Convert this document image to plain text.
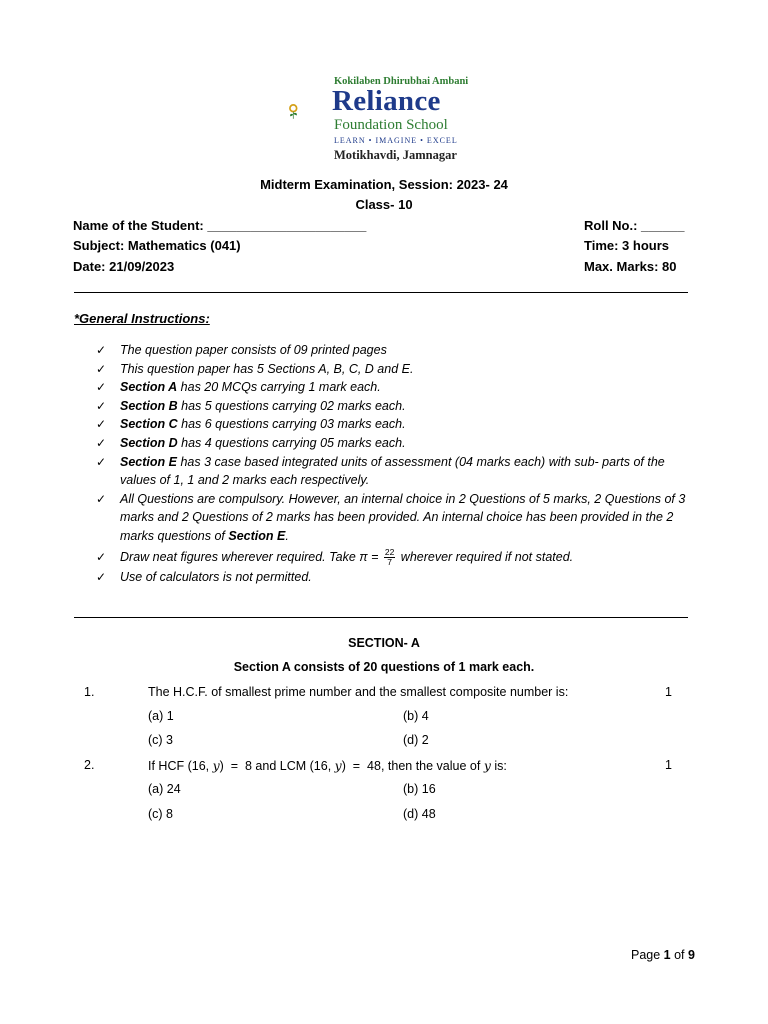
Kokilaben Dhirubhai Ambani
Reliance
Foundation School
LEARN • IMAGINE • EXCEL
Motikhavdi, Jamnagar
Midterm Examination, Session: 2023- 24
Class- 10
Name of the Student: ______________________	Roll No.: ______
Subject: Mathematics (041)	Time: 3 hours
Date: 21/09/2023	Max. Marks: 80
*General Instructions:
✓ The question paper consists of 09 printed pages
✓ This question paper has 5 Sections A, B, C, D and E.
✓ Section A has 20 MCQs carrying 1 mark each.
✓ Section B has 5 questions carrying 02 marks each.
✓ Section C has 6 questions carrying 03 marks each.
✓ Section D has 4 questions carrying 05 marks each.
✓ Section E has 3 case based integrated units of assessment (04 marks each) with sub- parts of the values of 1, 1 and 2 marks each respectively.
✓ All Questions are compulsory. However, an internal choice in 2 Questions of 5 marks, 2 Questions of 3 marks and 2 Questions of 2 marks has been provided. An internal choice has been provided in the 2 marks questions of Section E.
✓ Draw neat figures wherever required. Take $\pi = \frac{22}{7}$ wherever required if not stated.
✓ Use of calculators is not permitted.
SECTION- A
Section A consists of 20 questions of 1 mark each.
1.	The H.C.F. of smallest prime number and the smallest composite number is:	1
(a) 1	(b) 4
(c) 3	(d) 2
2.	If HCF (16, y)  =  8 and LCM (16, y)  =  48, then the value of y is:	1
(a) 24	(b) 16
(c) 8	(d) 48
Page 1 of 9
